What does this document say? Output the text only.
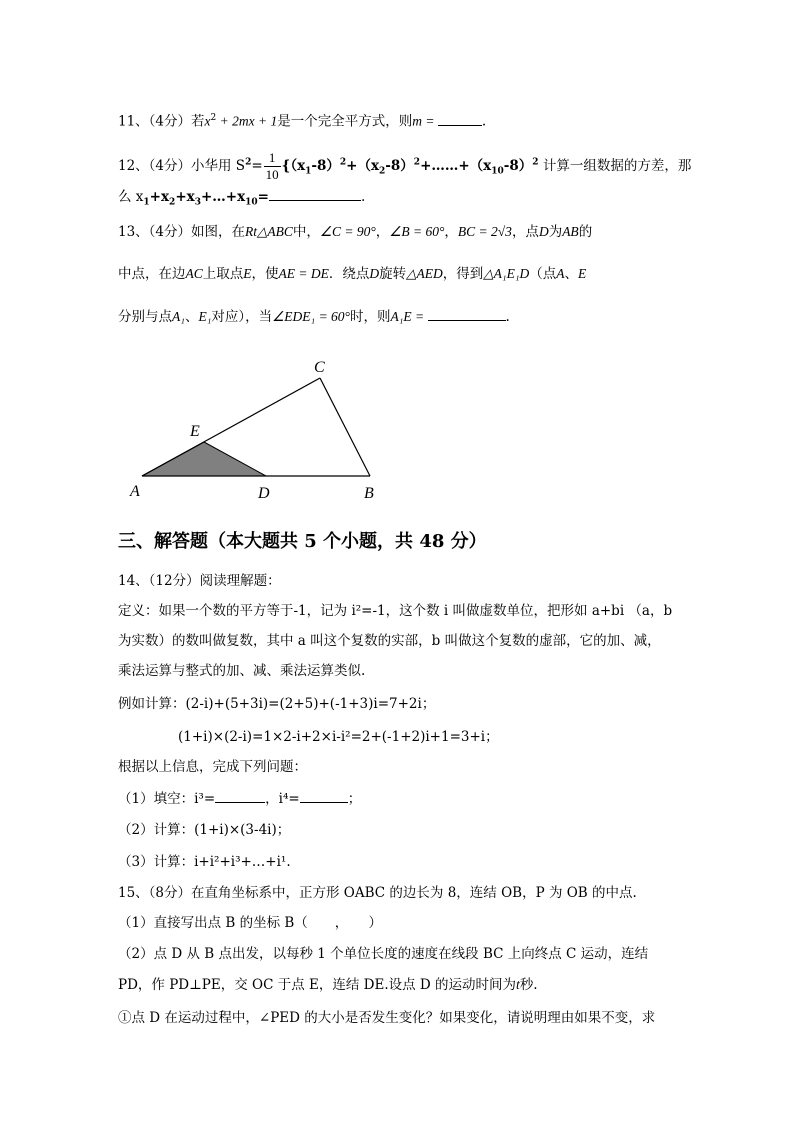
11、（4分）若$x^2 + 2mx + 1$是一个完全平方式，则m =	.
12、（4分）小华用 $S^2= \frac{1}{10}$ {$(x_1-8)^2+(x_2-8)^2+\dots\dots+(x_{10}-8)^2$ 计算一组数据的方差，那
么 $x_1+x_2+x_3+\dots+x_{10}=$	.
13、（4分）如图，在Rt△ABC中，∠C = 90°，∠B = 60°，BC = 2√3，点D为AB的
中点，在边AC上取点E，使AE = DE．绕点D旋转△AED，得到△A₁E₁D（点A、E
分别与点A₁、E₁对应），当∠EDE₁ = 60°时，则A₁E =	.
C
E
A	D	B
三、解答题（本大题共 5 个小题，共 48 分）
14、（12分）阅读理解题：
定义：如果一个数的平方等于-1，记为 i²=-1，这个数 i 叫做虚数单位，把形如 a+bi （a，b
为实数）的数叫做复数，其中 a 叫这个复数的实部，b 叫做这个复数的虚部，它的加、减，
乘法运算与整式的加、减、乘法运算类似.
例如计算：(2-i)+(5+3i)=(2+5)+(-1+3)i=7+2i；
(1+i)×(2-i)=1×2-i+2×i-i²=2+(-1+2)i+1=3+i；
根据以上信息，完成下列问题：
（1）填空：i³=	，i⁴=	；
（2）计算：(1+i)×(3-4i)；
（3）计算：i+i²+i³+…+i¹.
15、（8分）在直角坐标系中，正方形 OABC 的边长为 8，连结 OB，P 为 OB 的中点.
（1）直接写出点 B 的坐标 B（　　，　　）
（2）点 D 从 B 点出发，以每秒 1 个单位长度的速度在线段 BC 上向终点 C 运动，连结
PD，作 PD⊥PE，交 OC 于点 E，连结 DE.设点 D 的运动时间为t秒.
①点 D 在运动过程中，∠PED 的大小是否发生变化？如果变化，请说明理由如果不变，求
